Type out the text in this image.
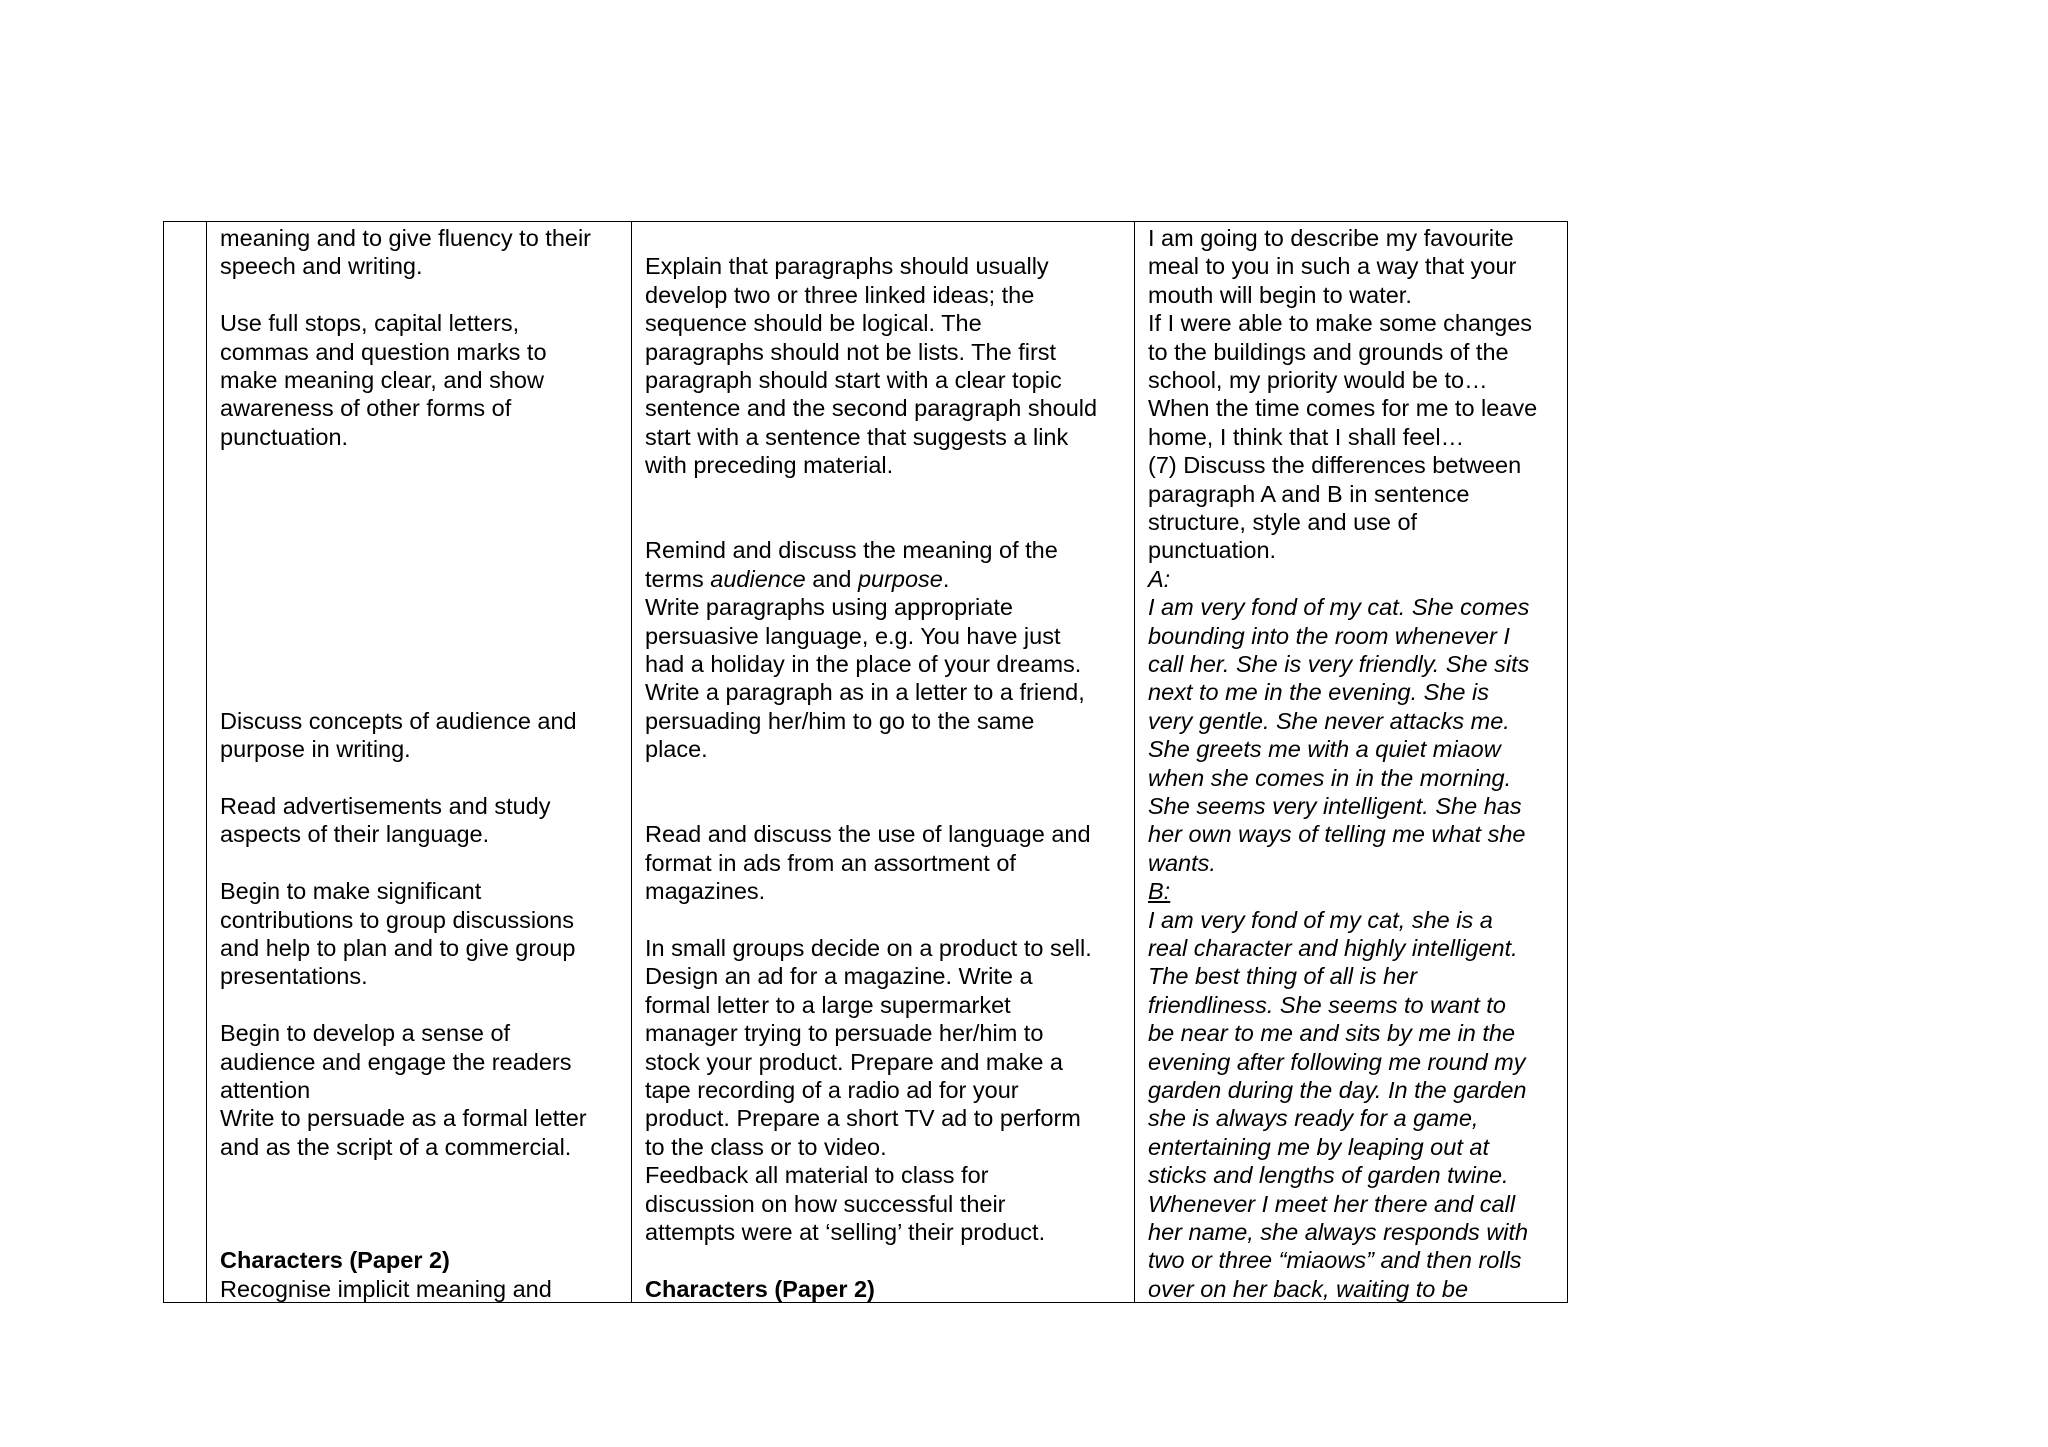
meaning and to give fluency to their
speech and writing.
Use full stops, capital letters,
commas and question marks to
make meaning clear, and show
awareness of other forms of
punctuation.
Discuss concepts of audience and
purpose in writing.
Read advertisements and study
aspects of their language.
Begin to make significant
contributions to group discussions
and help to plan and to give group
presentations.
Begin to develop a sense of
audience and engage the readers
attention
Write to persuade as a formal letter
and as the script of a commercial.
Characters (Paper 2)
Recognise implicit meaning and
terms audience and purpose.
Explain that paragraphs should usually
develop two or three linked ideas; the
sequence should be logical. The
paragraphs should not be lists. The first
paragraph should start with a clear topic
sentence and the second paragraph should
start with a sentence that suggests a link
with preceding material.
Remind and discuss the meaning of the
place.
Read and discuss the use of language and
format in ads from an assortment of
magazines.
In small groups decide on a product to sell.
Design an ad for a magazine. Write a
formal letter to a large supermarket
manager trying to persuade her/him to
stock your product. Prepare and make a
tape recording of a radio ad for your
product. Prepare a short TV ad to perform
to the class or to video.
Feedback all material to class for
discussion on how successful their
attempts were at ‘selling’ their product.
Characters (Paper 2)
Write paragraphs using appropriate
persuasive language, e.g. You have just
had a holiday in the place of your dreams.
Write a paragraph as in a letter to a friend,
persuading her/him to go to the same
I am going to describe my favourite
meal to you in such a way that your
mouth will begin to water.
If I were able to make some changes
to the buildings and grounds of the
school, my priority would be to…
When the time comes for me to leave
home, I think that I shall feel…
(7) Discuss the differences between
paragraph A and B in sentence
structure, style and use of
punctuation.
A:
I am very fond of my cat. She comes
bounding into the room whenever I
call her. She is very friendly. She sits
next to me in the evening. She is
very gentle. She never attacks me.
She greets me with a quiet miaow
when she comes in in the morning.
She seems very intelligent. She has
her own ways of telling me what she
wants.
B:
I am very fond of my cat, she is a
real character and highly intelligent.
The best thing of all is her
friendliness. She seems to want to
be near to me and sits by me in the
evening after following me round my
garden during the day. In the garden
she is always ready for a game,
entertaining me by leaping out at
sticks and lengths of garden twine.
Whenever I meet her there and call
her name, she always responds with
two or three “miaows” and then rolls
over on her back, waiting to be
